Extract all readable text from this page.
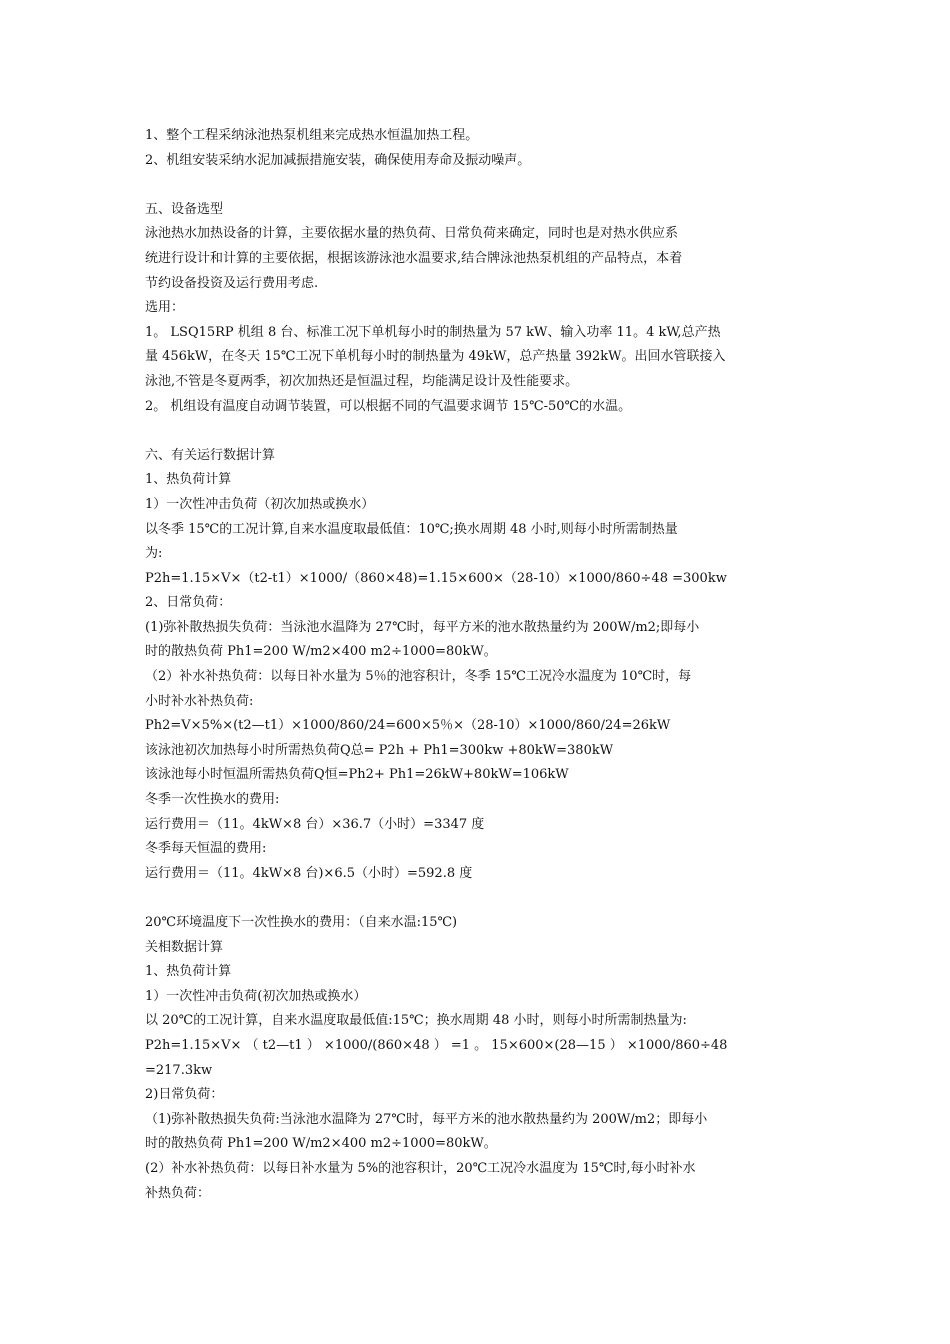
1、整个工程采纳泳池热泵机组来完成热水恒温加热工程。
2、机组安装采纳水泥加减振措施安装，确保使用寿命及振动噪声。
五、设备选型
泳池热水加热设备的计算，主要依据水量的热负荷、日常负荷来确定，同时也是对热水供应系
统进行设计和计算的主要依据，根据该游泳池水温要求,结合牌泳池热泵机组的产品特点，本着
节约设备投资及运行费用考虑.
选用：
1。 LSQ15RP 机组 8 台、标准工况下单机每小时的制热量为 57 kW、输入功率 11。4 kW,总产热
量 456kW，在冬天 15℃工况下单机每小时的制热量为 49kW，总产热量 392kW。出回水管联接入
泳池,不管是冬夏两季，初次加热还是恒温过程，均能满足设计及性能要求。
2。 机组设有温度自动调节装置，可以根据不同的气温要求调节 15℃-50℃的水温。
六、有关运行数据计算
1、热负荷计算
1）一次性冲击负荷（初次加热或换水）
以冬季 15℃的工况计算,自来水温度取最低值：10℃;换水周期 48 小时,则每小时所需制热量
为:
P2h=1.15×V×（t2-t1）×1000/（860×48)=1.15×600×（28-10）×1000/860÷48 =300kw
2、日常负荷：
(1)弥补散热损失负荷：当泳池水温降为 27℃时，每平方米的池水散热量约为 200W/m2;即每小
时的散热负荷 Ph1=200 W/m2×400 m2÷1000=80kW。
（2）补水补热负荷：以每日补水量为 5％的池容积计，冬季 15℃工况冷水温度为 10℃时，每
小时补水补热负荷:
Ph2=V×5%×(t2—t1）×1000/860/24=600×5％×（28-10）×1000/860/24=26kW
该泳池初次加热每小时所需热负荷Q总= P2h + Ph1=300kw +80kW=380kW
该泳池每小时恒温所需热负荷Q恒=Ph2+ Ph1=26kW+80kW=106kW
冬季一次性换水的费用:
运行费用＝（11。4kW×8 台）×36.7（小时）=3347 度
冬季每天恒温的费用:
运行费用＝（11。4kW×8 台)×6.5（小时）=592.8 度
20℃环境温度下一次性换水的费用：（自来水温:15℃)
关相数据计算
1、热负荷计算
1）一次性冲击负荷(初次加热或换水）
以 20℃的工况计算，自来水温度取最低值:15℃；换水周期 48 小时，则每小时所需制热量为:
P2h=1.15×V× （ t2—t1 ） ×1000/(860×48 ） =1 。 15×600×(28—15 ） ×1000/860÷48
=217.3kw
2)日常负荷：
（1)弥补散热损失负荷:当泳池水温降为 27℃时，每平方米的池水散热量约为 200W/m2；即每小
时的散热负荷 Ph1=200 W/m2×400 m2÷1000=80kW。
(2）补水补热负荷：以每日补水量为 5%的池容积计，20℃工况冷水温度为 15℃时,每小时补水
补热负荷：
